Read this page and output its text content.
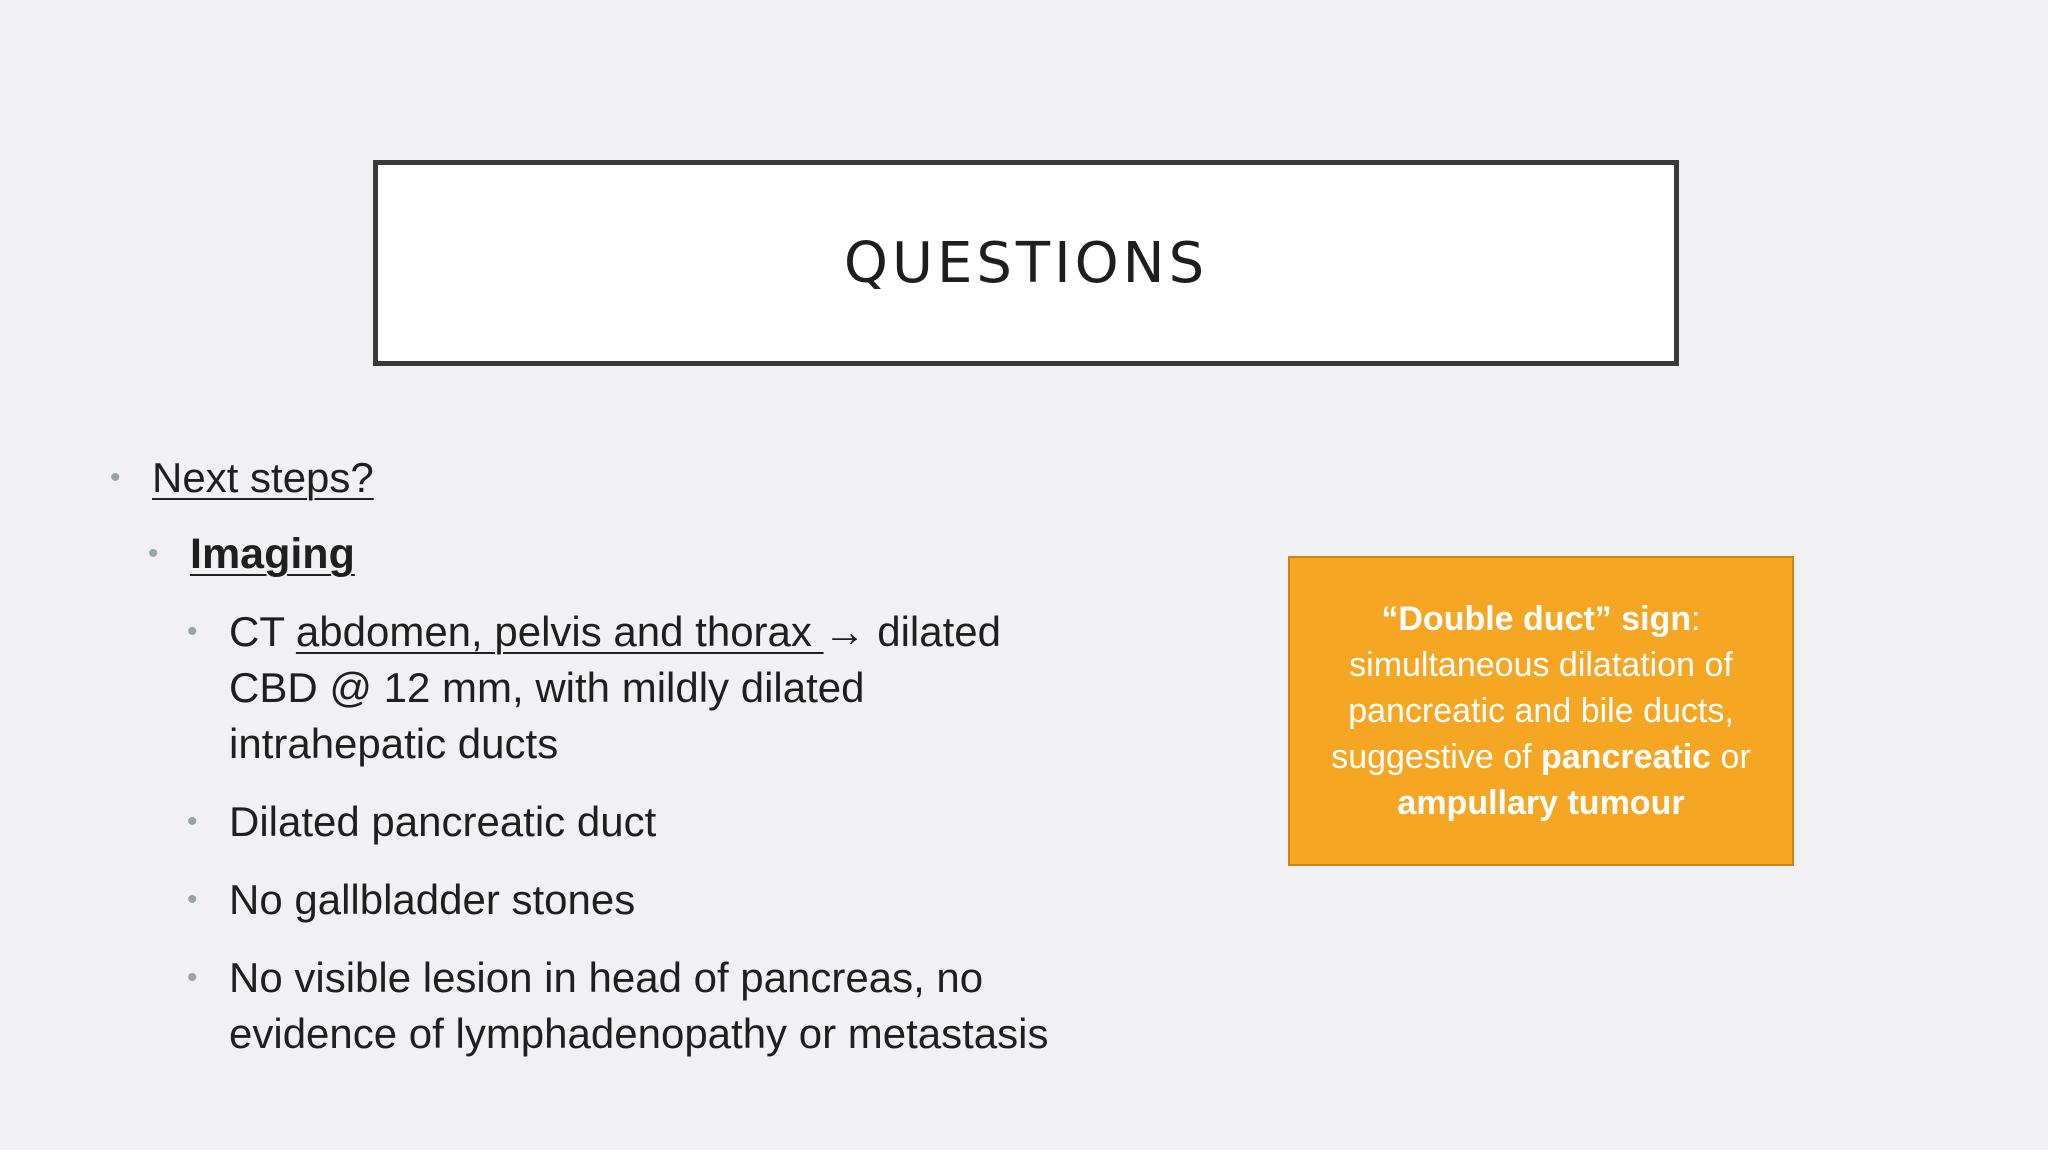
QUESTIONS
• Next steps?
• Imaging
• CT abdomen, pelvis and thorax → dilated
CBD @ 12 mm, with mildly dilated
intrahepatic ducts
• Dilated pancreatic duct
• No gallbladder stones
• No visible lesion in head of pancreas, no
evidence of lymphadenopathy or metastasis
“Double duct” sign:
simultaneous dilatation of
pancreatic and bile ducts,
suggestive of pancreatic or
ampullary tumour
